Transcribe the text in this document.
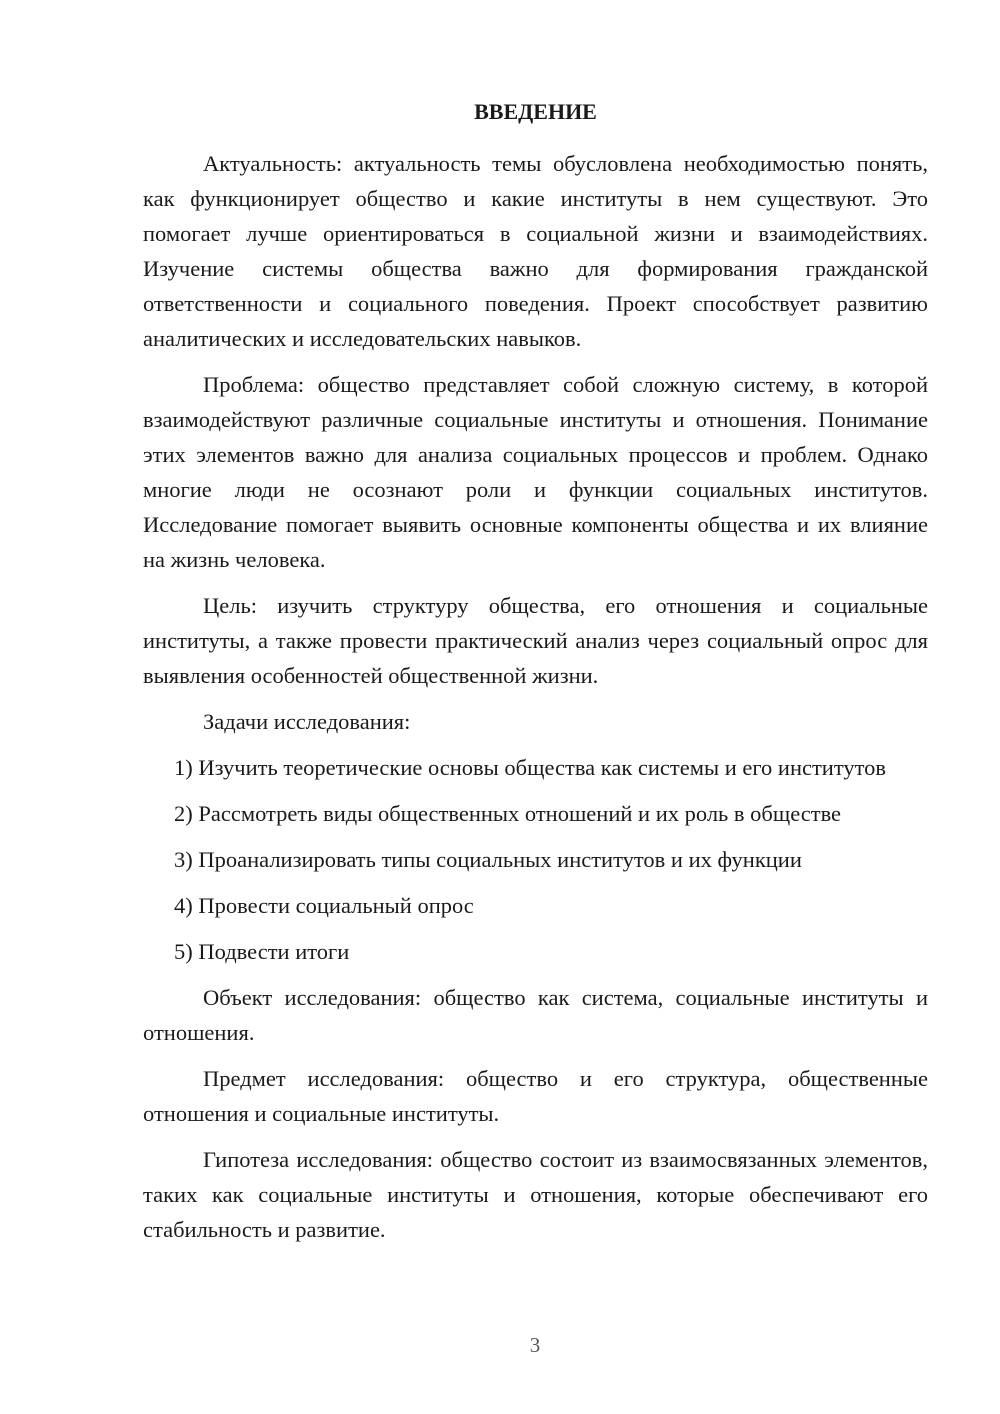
ВВЕДЕНИЕ

Актуальность: актуальность темы обусловлена необходимостью понять, как функционирует общество и какие институты в нем существуют. Это помогает лучше ориентироваться в социальной жизни и взаимодействиях. Изучение системы общества важно для формирования гражданской ответственности и социального поведения. Проект способствует развитию аналитических и исследовательских навыков.

Проблема: общество представляет собой сложную систему, в которой взаимодействуют различные социальные институты и отношения. Понимание этих элементов важно для анализа социальных процессов и проблем. Однако многие люди не осознают роли и функции социальных институтов. Исследование помогает выявить основные компоненты общества и их влияние на жизнь человека.

Цель: изучить структуру общества, его отношения и социальные институты, а также провести практический анализ через социальный опрос для выявления особенностей общественной жизни.

Задачи исследования:

1) Изучить теоретические основы общества как системы и его институтов

2) Рассмотреть виды общественных отношений и их роль в обществе

3) Проанализировать типы социальных институтов и их функции

4) Провести социальный опрос

5) Подвести итоги

Объект исследования: общество как система, социальные институты и отношения.

Предмет исследования: общество и его структура, общественные отношения и социальные институты.

Гипотеза исследования: общество состоит из взаимосвязанных элементов, таких как социальные институты и отношения, которые обеспечивают его стабильность и развитие.

3
